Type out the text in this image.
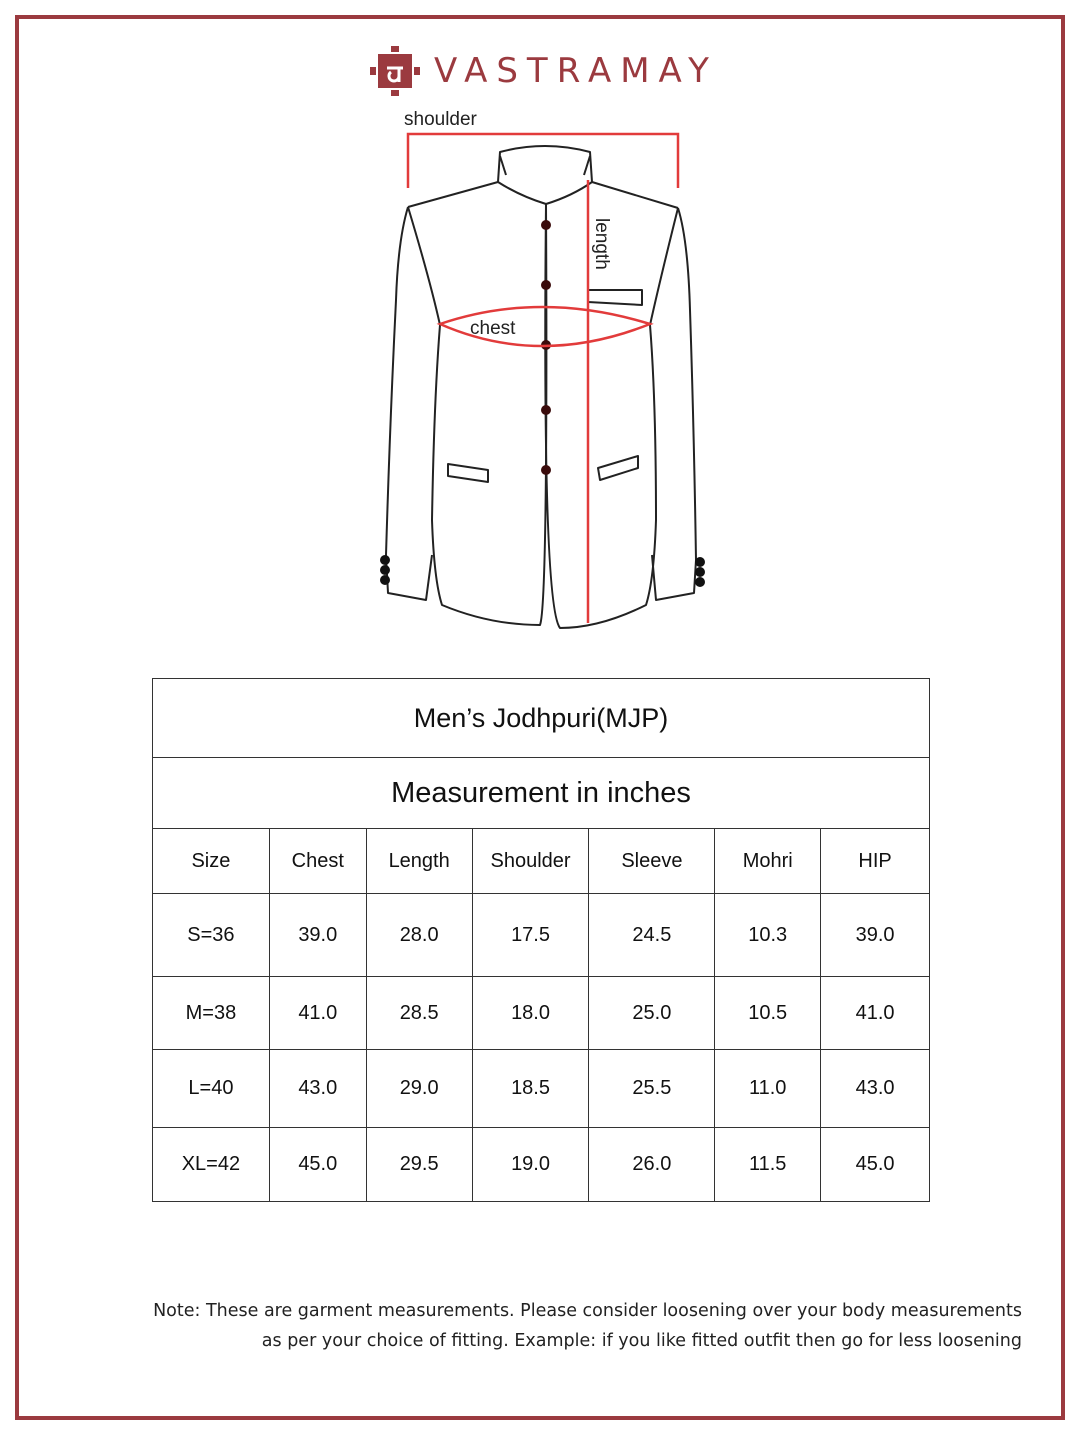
VASTRAMAY
shoulder
length
chest
Men’s Jodhpuri(MJP)						
Measurement in inches						
Size	Chest	Length	Shoulder	Sleeve	Mohri	HIP
S=36	39.0	28.0	17.5	24.5	10.3	39.0
M=38	41.0	28.5	18.0	25.0	10.5	41.0
L=40	43.0	29.0	18.5	25.5	11.0	43.0
XL=42	45.0	29.5	19.0	26.0	11.5	45.0
Note: These are garment measurements. Please consider loosening over your body measurements
as per your choice of fitting. Example: if you like fitted outfit then go for less loosening
